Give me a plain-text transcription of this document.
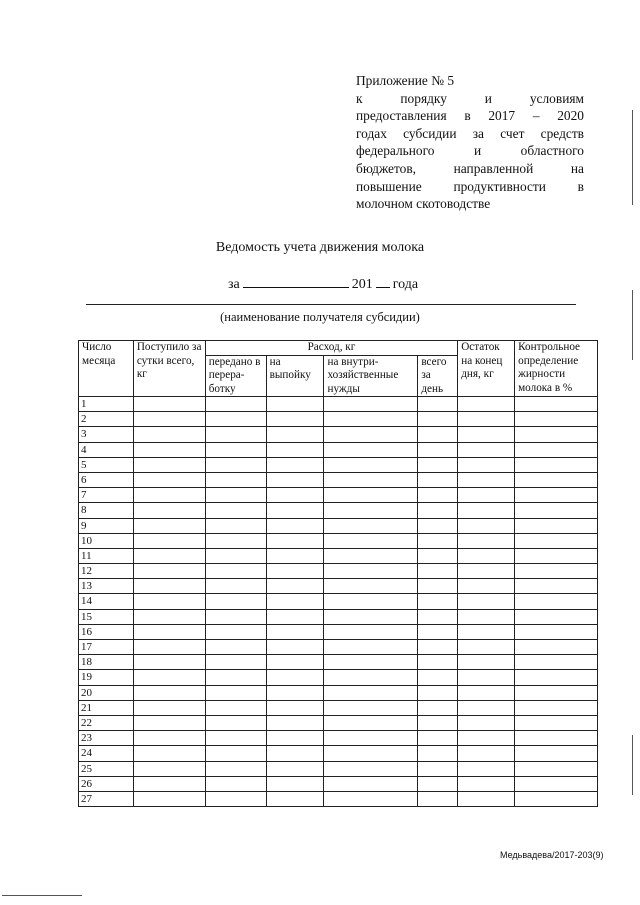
Приложение № 5
к порядку и условиям
предоставления в 2017 – 2020
годах субсидии за счет средств
федерального и областного
бюджетов, направленной на
повышение продуктивности в
молочном скотоводстве
Ведомость учета движения молока
за	201 года
(наименование получателя субсидии)
Число месяца	Поступило за сутки всего, кг	Расход, кг				Остаток на конец дня, кг	Контрольное определение жирности молока в %
		передано в перера-ботку	на выпойку	на внутри-хозяйственные нужды	всего за день		
1							
2							
3							
4							
5							
6							
7							
8							
9							
10							
11							
12							
13							
14							
15							
16							
17							
18							
19							
20							
21							
22							
23							
24							
25							
26							
27							
Медьвадева/2017-203(9)
